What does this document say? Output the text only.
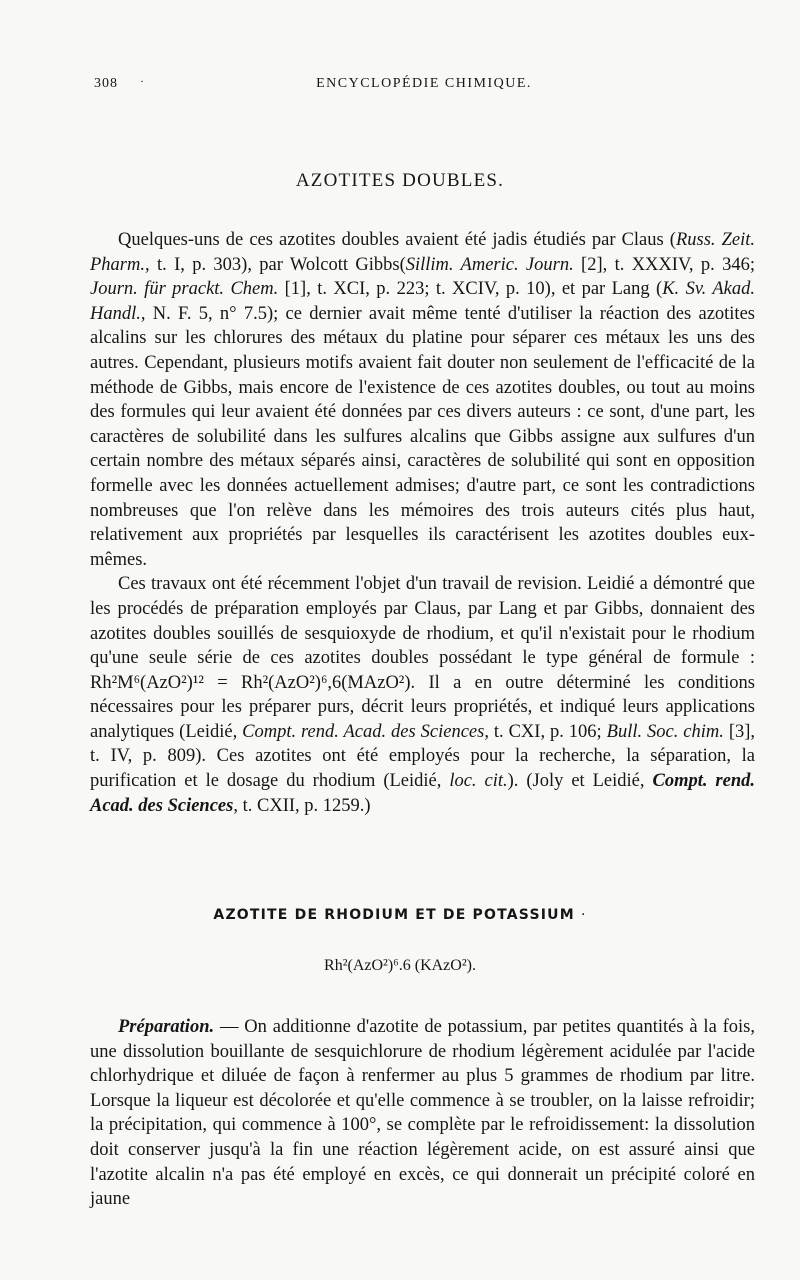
308 ·	ENCYCLOPÉDIE CHIMIQUE.
AZOTITES DOUBLES.

Quelques-uns de ces azotites doubles avaient été jadis étudiés par Claus (Russ. Zeit. Pharm., t. I, p. 303), par Wolcott Gibbs(Sillim. Americ. Journ. [2], t. XXXIV, p. 346; Journ. für prackt. Chem. [1], t. XCI, p. 223; t. XCIV, p. 10), et par Lang (K. Sv. Akad. Handl., N. F. 5, n° 7.5); ce dernier avait même tenté d'utiliser la réaction des azotites alcalins sur les chlorures des métaux du platine pour séparer ces métaux les uns des autres. Cependant, plusieurs motifs avaient fait douter non seulement de l'efficacité de la méthode de Gibbs, mais encore de l'existence de ces azotites doubles, ou tout au moins des formules qui leur avaient été données par ces divers auteurs : ce sont, d'une part, les caractères de solubilité dans les sulfures alcalins que Gibbs assigne aux sulfures d'un certain nombre des métaux séparés ainsi, caractères de solubilité qui sont en opposition formelle avec les données actuellement admises; d'autre part, ce sont les contradictions nombreuses que l'on relève dans les mémoires des trois auteurs cités plus haut, relativement aux propriétés par lesquelles ils caractérisent les azotites doubles eux-mêmes.

Ces travaux ont été récemment l'objet d'un travail de revision. Leidié a démontré que les procédés de préparation employés par Claus, par Lang et par Gibbs, donnaient des azotites doubles souillés de sesquioxyde de rhodium, et qu'il n'existait pour le rhodium qu'une seule série de ces azotites doubles possédant le type général de formule : Rh²M⁶(AzO²)¹² = Rh²(AzO²)⁶,6(MAzO²). Il a en outre déterminé les conditions nécessaires pour les préparer purs, décrit leurs propriétés, et indiqué leurs applications analytiques (Leidié, Compt. rend. Acad. des Sciences, t. CXI, p. 106; Bull. Soc. chim. [3], t. IV, p. 809). Ces azotites ont été employés pour la recherche, la séparation, la purification et le dosage du rhodium (Leidié, loc. cit.). (Joly et Leidié, Compt. rend. Acad. des Sciences, t. CXII, p. 1259.)

AZOTITE DE RHODIUM ET DE POTASSIUM ·
Rh²(AzO²)⁶.6 (KAzO²).

Préparation. — On additionne d'azotite de potassium, par petites quantités à la fois, une dissolution bouillante de sesquichlorure de rhodium légèrement acidulée par l'acide chlorhydrique et diluée de façon à renfermer au plus 5 grammes de rhodium par litre. Lorsque la liqueur est décolorée et qu'elle commence à se troubler, on la laisse refroidir; la précipitation, qui commence à 100°, se complète par le refroidissement: la dissolution doit conserver jusqu'à la fin une réaction légèrement acide, on est assuré ainsi que l'azotite alcalin n'a pas été employé en excès, ce qui donnerait un précipité coloré en jaune
